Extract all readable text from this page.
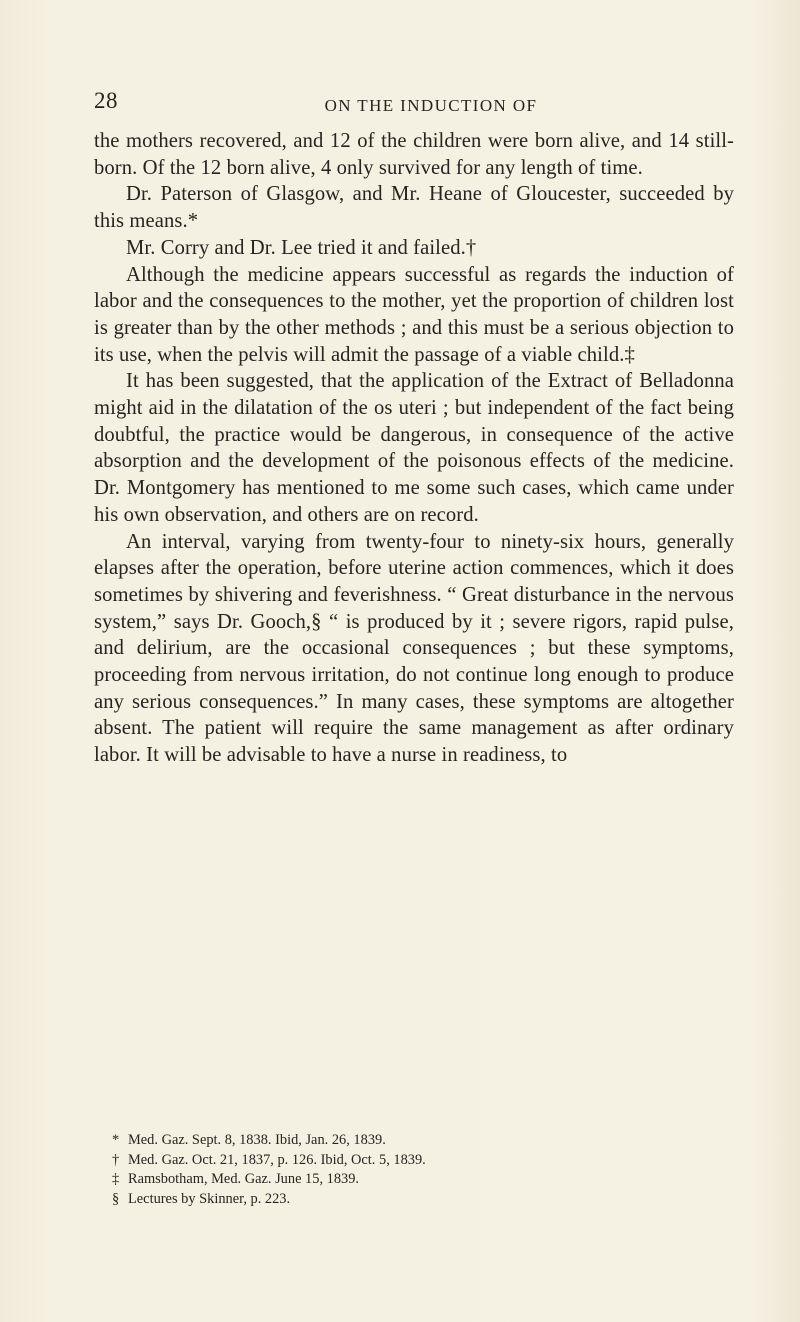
28	ON THE INDUCTION OF

the mothers recovered, and 12 of the children were born alive, and 14 still-born. Of the 12 born alive, 4 only survived for any length of time.

Dr. Paterson of Glasgow, and Mr. Heane of Gloucester, succeeded by this means.*

Mr. Corry and Dr. Lee tried it and failed.†

Although the medicine appears successful as regards the induction of labor and the consequences to the mother, yet the proportion of children lost is greater than by the other methods ; and this must be a serious objection to its use, when the pelvis will admit the passage of a viable child.‡

It has been suggested, that the application of the Extract of Belladonna might aid in the dilatation of the os uteri ; but independent of the fact being doubtful, the practice would be dangerous, in consequence of the active absorption and the development of the poisonous effects of the medicine. Dr. Montgomery has mentioned to me some such cases, which came under his own observation, and others are on record.

An interval, varying from twenty-four to ninety-six hours, generally elapses after the operation, before uterine action commences, which it does sometimes by shivering and feverishness. “ Great disturbance in the nervous system,” says Dr. Gooch,§ “ is produced by it ; severe rigors, rapid pulse, and delirium, are the occasional consequences ; but these symptoms, proceeding from nervous irritation, do not continue long enough to produce any serious consequences.” In many cases, these symptoms are altogether absent. The patient will require the same management as after ordinary labor. It will be advisable to have a nurse in readiness, to

* Med. Gaz. Sept. 8, 1838. Ibid, Jan. 26, 1839.
† Med. Gaz. Oct. 21, 1837, p. 126. Ibid, Oct. 5, 1839.
‡ Ramsbotham, Med. Gaz. June 15, 1839.
§ Lectures by Skinner, p. 223.
